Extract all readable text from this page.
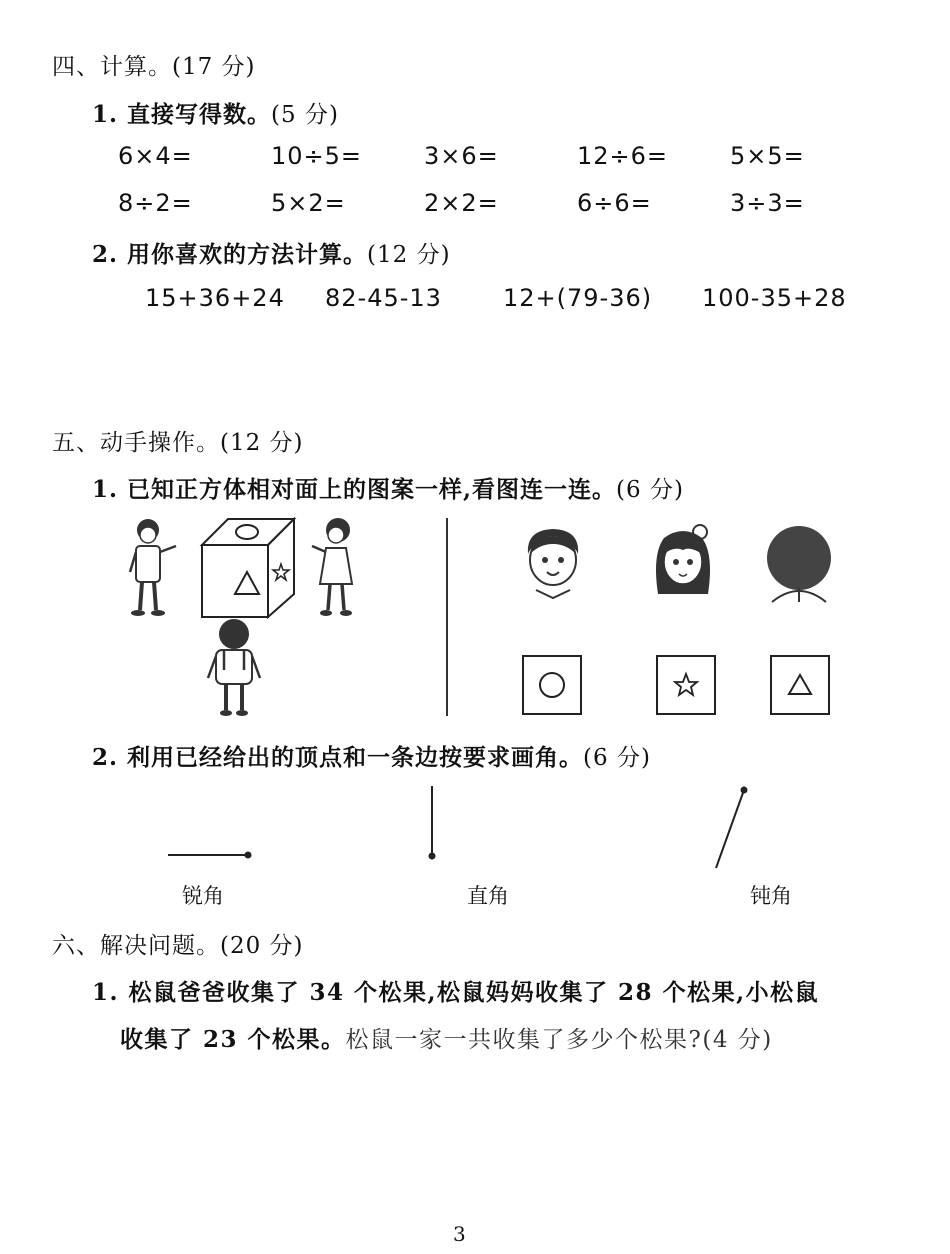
四、计算。(17 分)
1. 直接写得数。(5 分)
6×4=	10÷5=	3×6=	12÷6=	5×5=
8÷2=	5×2=	2×2=	6÷6=	3÷3=
2. 用你喜欢的方法计算。(12 分)
15+36+24 82-45-13	12+(79-36) 100-35+28
五、动手操作。(12 分)
1. 已知正方体相对面上的图案一样,看图连一连。(6 分)
2. 利用已经给出的顶点和一条边按要求画角。(6 分)
锐角	直角	钝角
六、解决问题。(20 分)
1. 松鼠爸爸收集了 34 个松果,松鼠妈妈收集了 28 个松果,小松鼠
收集了 23 个松果。松鼠一家一共收集了多少个松果?(4 分)
3
